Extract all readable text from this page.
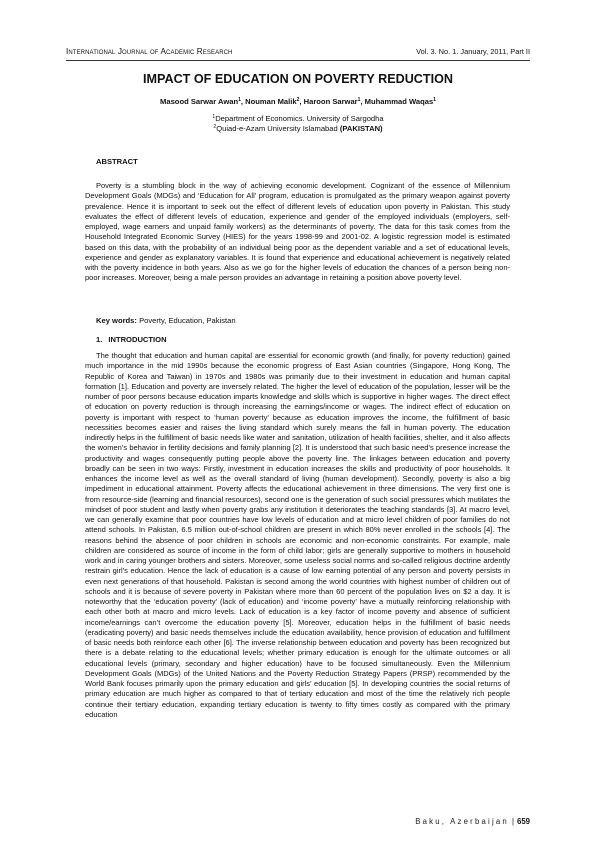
International Journal of Academic Research	Vol. 3. No. 1. January, 2011, Part II
IMPACT OF EDUCATION ON POVERTY REDUCTION
Masood Sarwar Awan$^1$, Nouman Malik$^2$, Haroon Sarwar$^1$, Muhammad Waqas$^1$
$^1$Department of Economics. University of Sargodha
$^2$Quiad-e-Azam University Islamabad (PAKISTAN)
ABSTRACT

Poverty is a stumbling block in the way of achieving economic development. Cognizant of the essence of Millennium Development Goals (MDGs) and ‘Education for All’ program, education is promulgated as the primary weapon against poverty prevalence. Hence it is important to seek out the effect of different levels of education upon poverty in Pakistan. This study evaluates the effect of different levels of education, experience and gender of the employed individuals (employers, self-employed, wage earners and unpaid family workers) as the determinants of poverty. The data for this task comes from the Household Integrated Economic Survey (HIES) for the years 1998-99 and 2001-02. A logistic regression model is estimated based on this data, with the probability of an individual being poor as the dependent variable and a set of educational levels, experience and gender as explanatory variables. It is found that experience and educational achievement is negatively related with the poverty incidence in both years. Also as we go for the higher levels of education the chances of a person being non-poor increases. Moreover, being a male person provides an advantage in retaining a position above poverty level.

Key words: Poverty, Education, Pakistan
1. INTRODUCTION

The thought that education and human capital are essential for economic growth (and finally, for poverty reduction) gained much importance in the mid 1990s because the economic progress of East Asian countries (Singapore, Hong Kong, The Republic of Korea and Taiwan) in 1970s and 1980s was primarily due to their investment in education and human capital formation [1]. Education and poverty are inversely related. The higher the level of education of the population, lesser will be the number of poor persons because education imparts knowledge and skills which is supportive in higher wages. The direct effect of education on poverty reduction is through increasing the earnings/income or wages. The indirect effect of education on poverty is important with respect to ‘human poverty’ because as education improves the income, the fulfillment of basic necessities becomes easier and raises the living standard which surely means the fall in human poverty. The education indirectly helps in the fulfillment of basic needs like water and sanitation, utilization of health facilities, shelter, and it also affects the women’s behavior in fertility decisions and family planning [2]. It is understood that such basic need’s presence increase the productivity and wages consequently putting people above the poverty line. The linkages between education and poverty broadly can be seen in two ways: Firstly, investment in education increases the skills and productivity of poor households. It enhances the income level as well as the overall standard of living (human development). Secondly, poverty is also a big impediment in educational attainment. Poverty affects the educational achievement in three dimensions. The very first one is from resource-side (learning and financial resources), second one is the generation of such social pressures which mutilates the mindset of poor student and lastly when poverty grabs any institution it deteriorates the teaching standards [3]. At macro level, we can generally examine that poor countries have low levels of education and at micro level children of poor families do not attend schools. In Pakistan, 6.5 million out-of-school children are present in which 80% never enrolled in the schools [4]. The reasons behind the absence of poor children in schools are economic and non-economic constraints. For example, male children are considered as source of income in the form of child labor; girls are generally supportive to mothers in household work and in caring younger brothers and sisters. Moreover, some useless social norms and so-called religious doctrine ardently restrain girl’s education. Hence the lack of education is a cause of low earning potential of any person and poverty persists in even next generations of that household. Pakistan is second among the world countries with highest number of children out of schools and it is because of severe poverty in Pakistan where more than 60 percent of the population lives on $2 a day. It is noteworthy that the ‘education poverty’ (lack of education) and ‘income poverty’ have a mutually reinforcing relationship with each other both at macro and micro levels. Lack of education is a key factor of income poverty and absence of sufficient income/earnings can’t overcome the education poverty [5]. Moreover, education helps in the fulfillment of basic needs (eradicating poverty) and basic needs themselves include the education availability, hence provision of education and fulfillment of basic needs both reinforce each other [6]. The inverse relationship between education and poverty has been recognized but there is a debate relating to the educational levels; whether primary education is enough for the ultimate outcomes or all educational levels (primary, secondary and higher education) have to be focused simultaneously. Even the Millennium Development Goals (MDGs) of the United Nations and the Poverty Reduction Strategy Papers (PRSP) recommended by the World Bank focuses primarily upon the primary education and girls’ education [5]. In developing countries the social returns of primary education are much higher as compared to that of tertiary education and most of the time the relatively rich people continue their tertiary education, expanding tertiary education is twenty to fifty times costly as compared with the primary education

Baku, Azerbaijan | 659
